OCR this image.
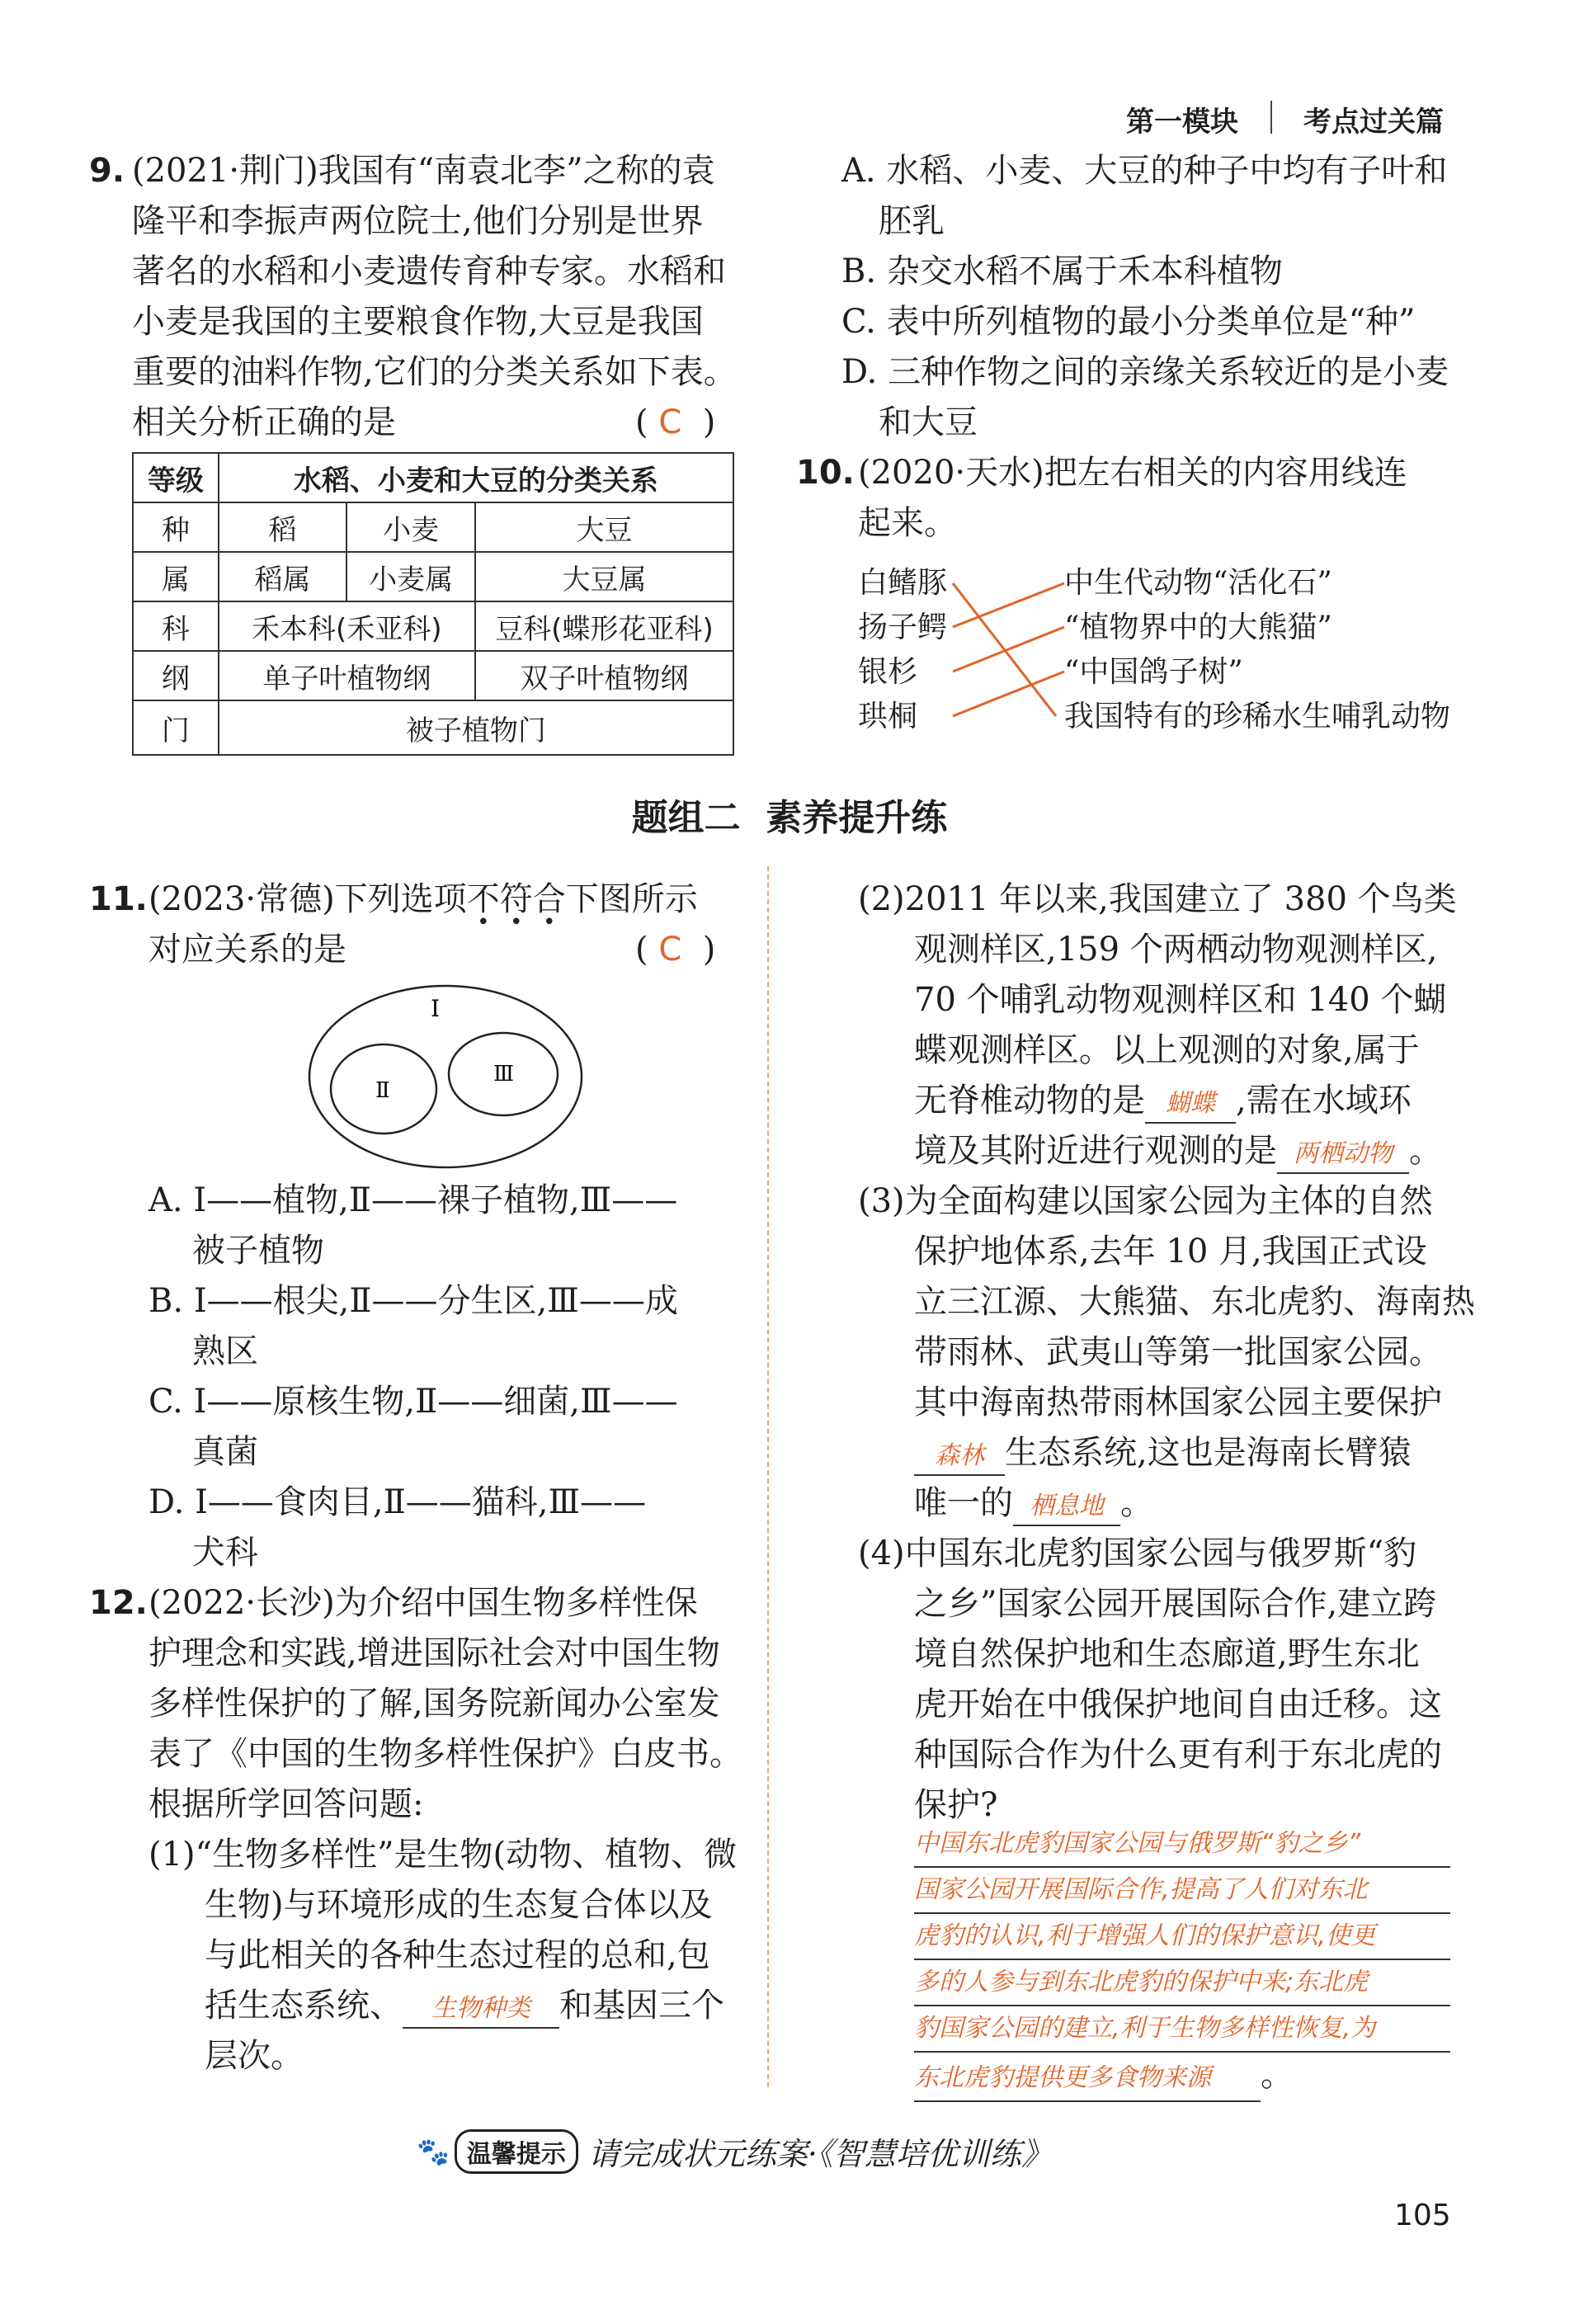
第一模块 考点过关篇
9. (2021·荆门)我国有“南袁北李”之称的袁
隆平和李振声两位院士,他们分别是世界
著名的水稻和小麦遗传育种专家。水稻和
小麦是我国的主要粮食作物,大豆是我国
重要的油料作物,它们的分类关系如下表。
相关分析正确的是	( C  )
等级	水稻、小麦和大豆的分类关系		
种	稻	小麦	大豆
属	稻属	小麦属	大豆属
科	禾本科(禾亚科)		豆科(蝶形花亚科)
纲	单子叶植物纲		双子叶植物纲
门	被子植物门		
A. 水稻、小麦、大豆的种子中均有子叶和
胚乳
B. 杂交水稻不属于禾本科植物
C. 表中所列植物的最小分类单位是“种”
D. 三种作物之间的亲缘关系较近的是小麦
和大豆
10. (2020·天水)把左右相关的内容用线连
起来。
白鳍豚
扬子鳄
银杉
珙桐
中生代动物“活化石”
“植物界中的大熊猫”
“中国鸽子树”
我国特有的珍稀水生哺乳动物
题组二  素养提升练
11. (2023·常德)下列选项不符合下图所示
对应关系的是	( C  )
Ⅰ
Ⅱ
Ⅲ
A. Ⅰ——植物,Ⅱ——裸子植物,Ⅲ——
被子植物
B. Ⅰ——根尖,Ⅱ——分生区,Ⅲ——成
熟区
C. Ⅰ——原核生物,Ⅱ——细菌,Ⅲ——
真菌
D. Ⅰ——食肉目,Ⅱ——猫科,Ⅲ——
犬科
12. (2022·长沙)为介绍中国生物多样性保
护理念和实践,增进国际社会对中国生物
多样性保护的了解,国务院新闻办公室发
表了《中国的生物多样性保护》白皮书。
根据所学回答问题:
(1)“生物多样性”是生物(动物、植物、微
生物)与环境形成的生态复合体以及
与此相关的各种生态过程的总和,包
括生态系统、 生物种类 和基因三个
层次。
(2)2011 年以来,我国建立了 380 个鸟类
观测样区,159 个两栖动物观测样区,
70 个哺乳动物观测样区和 140 个蝴
蝶观测样区。以上观测的对象,属于
无脊椎动物的是 蝴蝶 ,需在水域环
境及其附近进行观测的是 两栖动物 。
(3)为全面构建以国家公园为主体的自然
保护地体系,去年 10 月,我国正式设
立三江源、大熊猫、东北虎豹、海南热
带雨林、武夷山等第一批国家公园。
其中海南热带雨林国家公园主要保护
森林 生态系统,这也是海南长臂猿
唯一的 栖息地 。
(4)中国东北虎豹国家公园与俄罗斯“豹
之乡”国家公园开展国际合作,建立跨
境自然保护地和生态廊道,野生东北
虎开始在中俄保护地间自由迁移。这
种国际合作为什么更有利于东北虎的
保护?
中国东北虎豹国家公园与俄罗斯“豹之乡”
国家公园开展国际合作,提高了人们对东北
虎豹的认识,利于增强人们的保护意识,使更
多的人参与到东北虎豹的保护中来;东北虎
豹国家公园的建立,利于生物多样性恢复,为
东北虎豹提供更多食物来源 。
🐾 温馨提示 请完成状元练案·《智慧培优训练》
105
